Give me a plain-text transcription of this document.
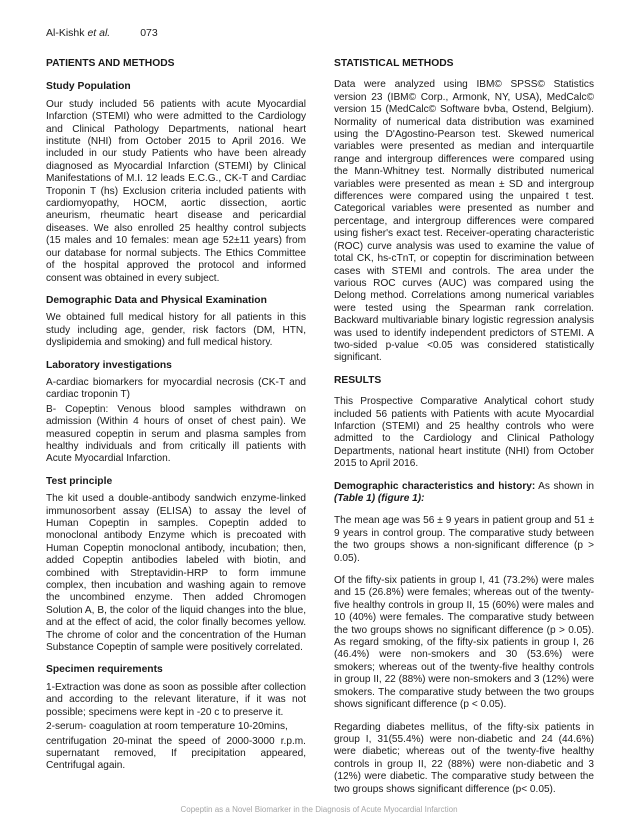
Al-Kishk et al.	073
PATIENTS AND METHODS
Study Population

Our study included 56 patients with acute Myocardial Infarction (STEMI) who were admitted to the Cardiology and Clinical Pathology Departments, national heart institute (NHI) from October 2015 to April 2016. We included in our study Patients who have been already diagnosed as Myocardial Infarction (STEMI) by Clinical Manifestations of M.I. 12 leads E.C.G., CK-T and Cardiac Troponin T (hs) Exclusion criteria included patients with cardiomyopathy, HOCM, aortic dissection, aortic aneurism, rheumatic heart disease and pericardial diseases. We also enrolled 25 healthy control subjects (15 males and 10 females: mean age 52±11 years) from our database for normal subjects. The Ethics Committee of the hospital approved the protocol and informed consent was obtained in every subject.

Demographic Data and Physical Examination

We obtained full medical history for all patients in this study including age, gender, risk factors (DM, HTN, dyslipidemia and smoking) and full medical history.

Laboratory investigations

A-cardiac biomarkers for myocardial necrosis (CK-T and cardiac troponin T)

B- Copeptin: Venous blood samples withdrawn on admission (Within 4 hours of onset of chest pain). We measured copeptin in serum and plasma samples from healthy individuals and from critically ill patients with Acute Myocardial Infarction.

Test principle

The kit used a double-antibody sandwich enzyme-linked immunosorbent assay (ELISA) to assay the level of Human Copeptin in samples. Copeptin added to monoclonal antibody Enzyme which is precoated with Human Copeptin monoclonal antibody, incubation; then, added Copeptin antibodies labeled with biotin, and combined with Streptavidin-HRP to form immune complex, then incubation and washing again to remove the uncombined enzyme. Then added Chromogen Solution A, B, the color of the liquid changes into the blue, and at the effect of acid, the color finally becomes yellow. The chrome of color and the concentration of the Human Substance Copeptin of sample were positively correlated.

Specimen requirements

1-Extraction was done as soon as possible after collection and according to the relevant literature, if it was not possible; specimens were kept in -20 c to preserve it.

2-serum- coagulation at room temperature 10-20mins,

centrifugation 20-minat the speed of 2000-3000 r.p.m. supernatant removed, If precipitation appeared, Centrifugal again.

STATISTICAL METHODS

Data were analyzed using IBM© SPSS© Statistics version 23 (IBM© Corp., Armonk, NY, USA), MedCalc© version 15 (MedCalc© Software bvba, Ostend, Belgium). Normality of numerical data distribution was examined using the D'Agostino-Pearson test. Skewed numerical variables were presented as median and interquartile range and intergroup differences were compared using the Mann-Whitney test. Normally distributed numerical variables were presented as mean ± SD and intergroup differences were compared using the unpaired t test. Categorical variables were presented as number and percentage, and intergroup differences were compared using fisher's exact test. Receiver-operating characteristic (ROC) curve analysis was used to examine the value of total CK, hs-cTnT, or copeptin for discrimination between cases with STEMI and controls. The area under the various ROC curves (AUC) was compared using the Delong method. Correlations among numerical variables were tested using the Spearman rank correlation. Backward multivariable binary logistic regression analysis was used to identify independent predictors of STEMI. A two-sided p-value <0.05 was considered statistically significant.

RESULTS

This Prospective Comparative Analytical cohort study included 56 patients with Patients with acute Myocardial Infarction (STEMI) and 25 healthy controls who were admitted to the Cardiology and Clinical Pathology Departments, national heart institute (NHI) from October 2015 to April 2016.

Demographic characteristics and history: As shown in (Table 1) (figure 1):

The mean age was 56 ± 9 years in patient group and 51 ± 9 years in control group. The comparative study between the two groups shows a non-significant difference (p > 0.05).

Of the fifty-six patients in group I, 41 (73.2%) were males and 15 (26.8%) were females; whereas out of the twenty-five healthy controls in group II, 15 (60%) were males and 10 (40%) were females. The comparative study between the two groups shows no significant difference (p > 0.05). As regard smoking, of the fifty-six patients in group I, 26 (46.4%) were non-smokers and 30 (53.6%) were smokers; whereas out of the twenty-five healthy controls in group II, 22 (88%) were non-smokers and 3 (12%) were smokers. The comparative study between the two groups shows significant difference (p < 0.05).

Regarding diabetes mellitus, of the fifty-six patients in group I, 31(55.4%) were non-diabetic and 24 (44.6%) were diabetic; whereas out of the twenty-five healthy controls in group II, 22 (88%) were non-diabetic and 3 (12%) were diabetic. The comparative study between the two groups shows significant difference (p< 0.05).

Copeptin as a Novel Biomarker in the Diagnosis of Acute Myocardial Infarction
